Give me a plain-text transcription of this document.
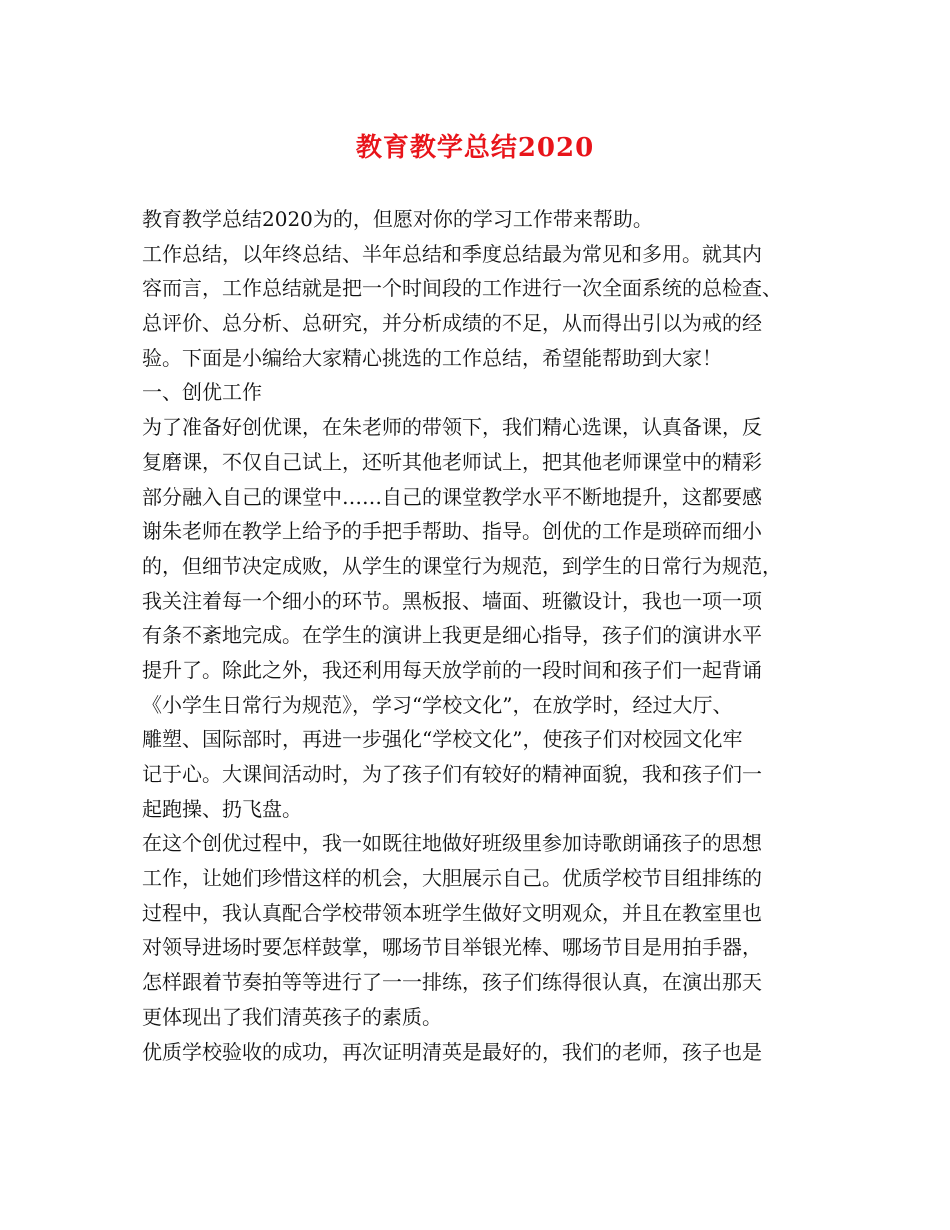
教育教学总结2020
教育教学总结2020为的，但愿对你的学习工作带来帮助。
工作总结，以年终总结、半年总结和季度总结最为常见和多用。就其内
容而言，工作总结就是把一个时间段的工作进行一次全面系统的总检查、
总评价、总分析、总研究，并分析成绩的不足，从而得出引以为戒的经
验。下面是小编给大家精心挑选的工作总结，希望能帮助到大家！
一、创优工作
为了准备好创优课，在朱老师的带领下，我们精心选课，认真备课，反
复磨课，不仅自己试上，还听其他老师试上，把其他老师课堂中的精彩
部分融入自己的课堂中……自己的课堂教学水平不断地提升，这都要感
谢朱老师在教学上给予的手把手帮助、指导。创优的工作是琐碎而细小
的，但细节决定成败，从学生的课堂行为规范，到学生的日常行为规范，
我关注着每一个细小的环节。黑板报、墙面、班徽设计，我也一项一项
有条不紊地完成。在学生的演讲上我更是细心指导，孩子们的演讲水平
提升了。除此之外，我还利用每天放学前的一段时间和孩子们一起背诵
《小学生日常行为规范》，学习“学校文化”，在放学时，经过大厅、
雕塑、国际部时，再进一步强化“学校文化”，使孩子们对校园文化牢
记于心。大课间活动时，为了孩子们有较好的精神面貌，我和孩子们一
起跑操、扔飞盘。
在这个创优过程中，我一如既往地做好班级里参加诗歌朗诵孩子的思想
工作，让她们珍惜这样的机会，大胆展示自己。优质学校节目组排练的
过程中，我认真配合学校带领本班学生做好文明观众，并且在教室里也
对领导进场时要怎样鼓掌，哪场节目举银光棒、哪场节目是用拍手器，
怎样跟着节奏拍等等进行了一一排练，孩子们练得很认真，在演出那天
更体现出了我们清英孩子的素质。
优质学校验收的成功，再次证明清英是最好的，我们的老师，孩子也是
